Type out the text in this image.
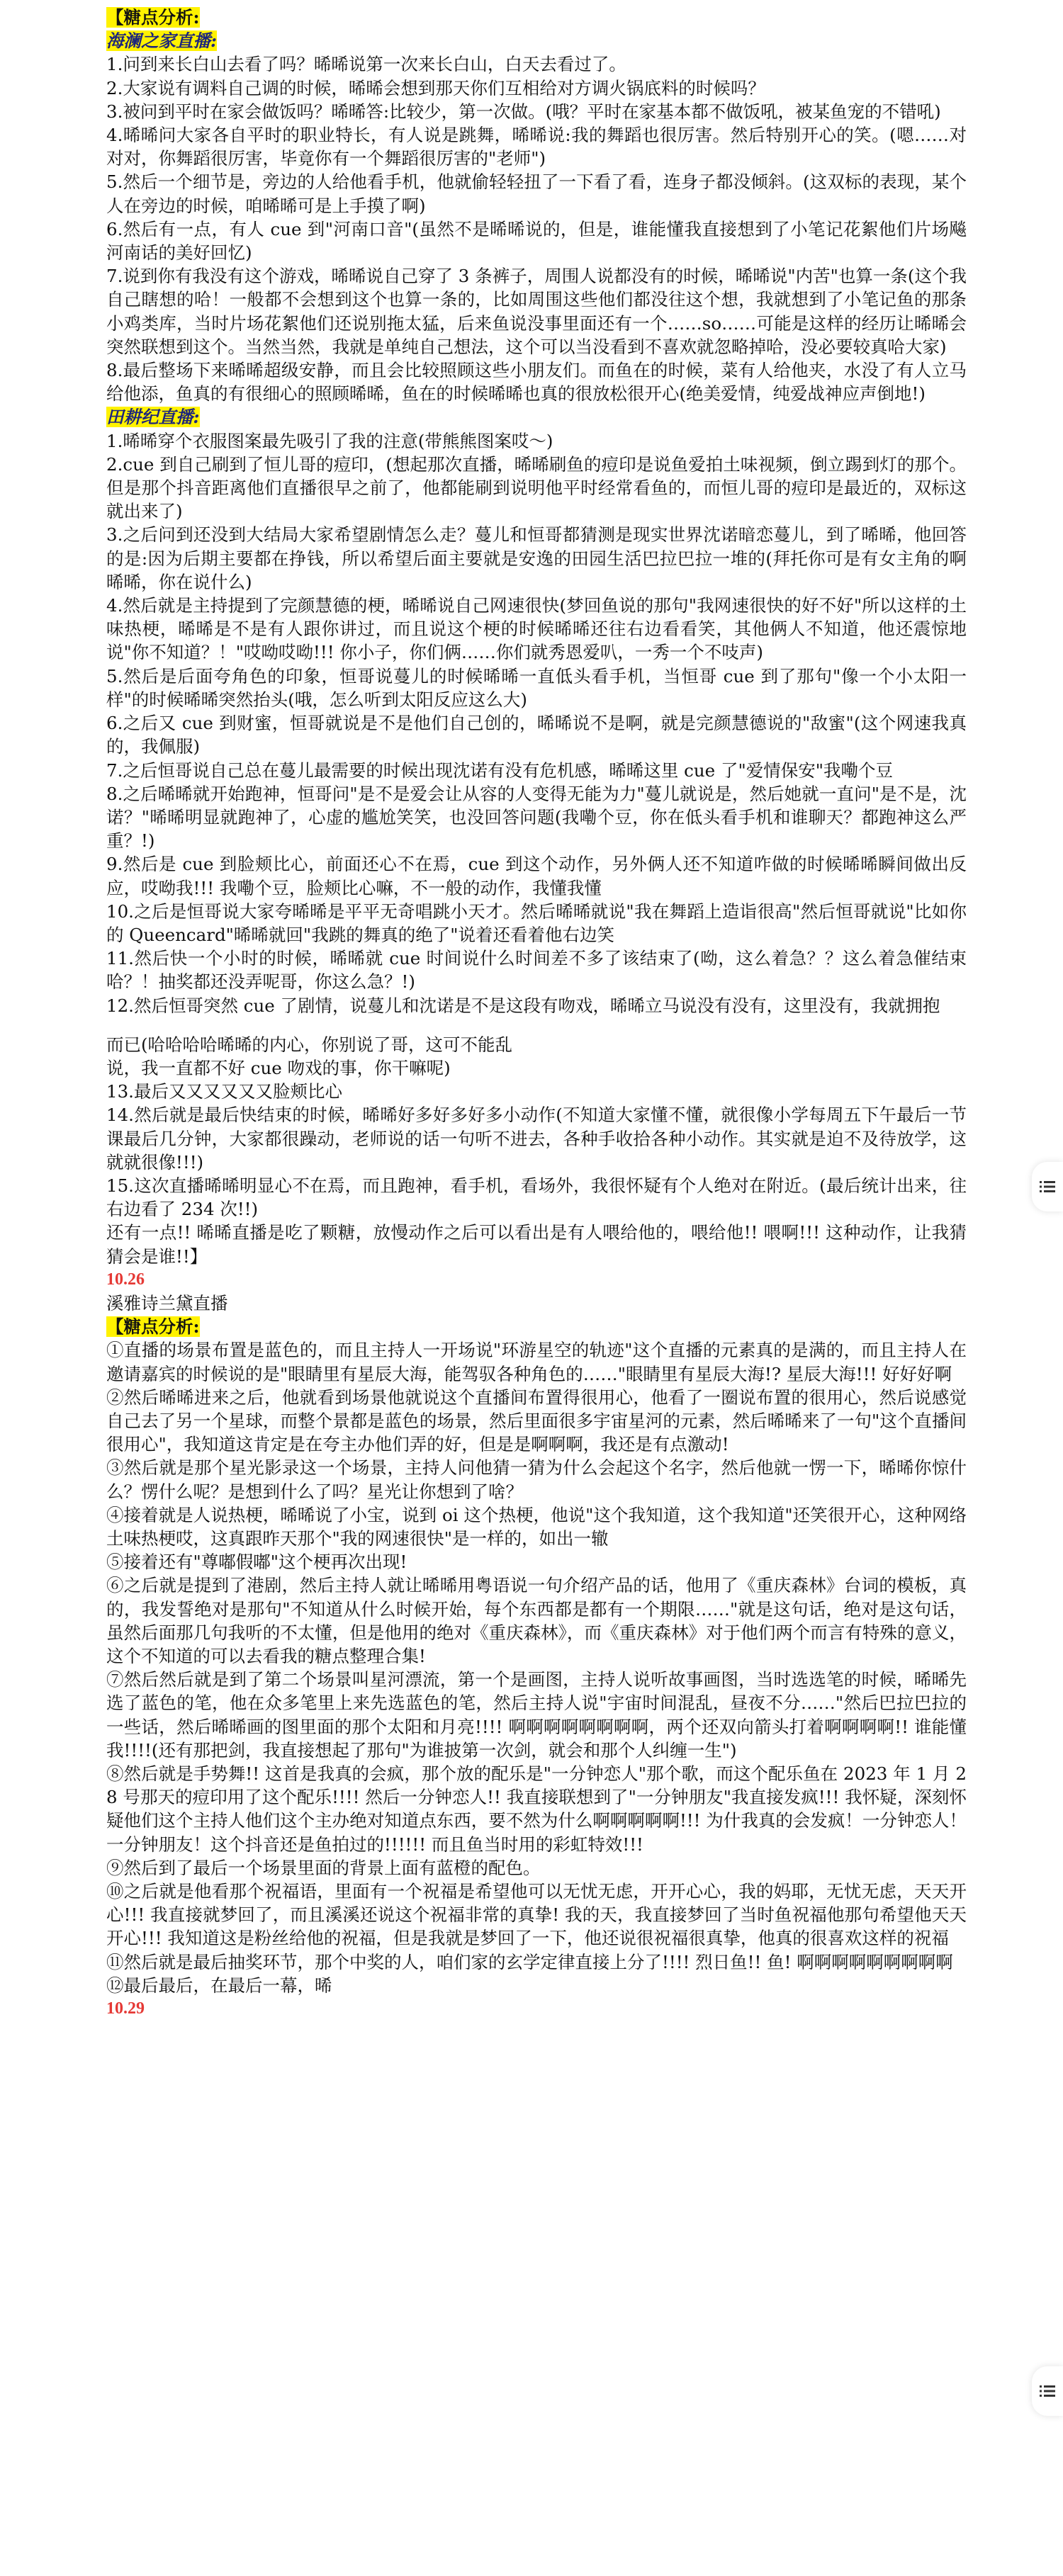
【糖点分析:

海澜之家直播:

1.问到来长白山去看了吗？晞晞说第一次来长白山，白天去看过了。

2.大家说有调料自己调的时候，晞晞会想到那天你们互相给对方调火锅底料的时候吗？

3.被问到平时在家会做饭吗？晞晞答:比较少，第一次做。(哦？平时在家基本都不做饭吼，被某鱼宠的不错吼)

4.晞晞问大家各自平时的职业特长，有人说是跳舞，晞晞说:我的舞蹈也很厉害。然后特别开心的笑。(嗯……对对对，你舞蹈很厉害，毕竟你有一个舞蹈很厉害的"老师")

5.然后一个细节是，旁边的人给他看手机，他就偷轻轻扭了一下看了看，连身子都没倾斜。(这双标的表现，某个人在旁边的时候，咱晞晞可是上手摸了啊)

6.然后有一点，有人 cue 到"河南口音"(虽然不是晞晞说的，但是，谁能懂我直接想到了小笔记花絮他们片场飚河南话的美好回忆)

7.说到你有我没有这个游戏，晞晞说自己穿了 3 条裤子，周围人说都没有的时候，晞晞说"内苦"也算一条(这个我自己瞎想的哈！一般都不会想到这个也算一条的，比如周围这些他们都没往这个想，我就想到了小笔记鱼的那条小鸡类库，当时片场花絮他们还说别拖太猛，后来鱼说没事里面还有一个……so……可能是这样的经历让晞晞会突然联想到这个。当然当然，我就是单纯自己想法，这个可以当没看到不喜欢就忽略掉哈，没必要较真哈大家)

8.最后整场下来晞晞超级安静，而且会比较照顾这些小朋友们。而鱼在的时候，菜有人给他夹，水没了有人立马给他添，鱼真的有很细心的照顾晞晞，鱼在的时候晞晞也真的很放松很开心(绝美爱情，纯爱战神应声倒地!)

田耕纪直播:

1.晞晞穿个衣服图案最先吸引了我的注意(带熊熊图案哎～)

2.cue 到自己刷到了恒儿哥的痘印，(想起那次直播，晞晞刷鱼的痘印是说鱼爱拍土味视频，倒立踢到灯的那个。但是那个抖音距离他们直播很早之前了，他都能刷到说明他平时经常看鱼的，而恒儿哥的痘印是最近的，双标这就出来了)

3.之后问到还没到大结局大家希望剧情怎么走？蔓儿和恒哥都猜测是现实世界沈诺暗恋蔓儿，到了晞晞，他回答的是:因为后期主要都在挣钱，所以希望后面主要就是安逸的田园生活巴拉巴拉一堆的(拜托你可是有女主角的啊晞晞，你在说什么)

4.然后就是主持提到了完颜慧德的梗，晞晞说自己网速很快(梦回鱼说的那句"我网速很快的好不好"所以这样的土味热梗，晞晞是不是有人跟你讲过，而且说这个梗的时候晞晞还往右边看看笑，其他俩人不知道，他还震惊地说"你不知道？！"哎呦哎呦!!! 你小子，你们俩……你们就秀恩爱叭，一秀一个不吱声)

5.然后是后面夸角色的印象，恒哥说蔓儿的时候晞晞一直低头看手机，当恒哥 cue 到了那句"像一个小太阳一样"的时候晞晞突然抬头(哦，怎么听到太阳反应这么大)

6.之后又 cue 到财蜜，恒哥就说是不是他们自己创的，晞晞说不是啊，就是完颜慧德说的"敌蜜"(这个网速我真的，我佩服)

7.之后恒哥说自己总在蔓儿最需要的时候出现沈诺有没有危机感，晞晞这里 cue 了"爱情保安"我嘞个豆

8.之后晞晞就开始跑神，恒哥问"是不是爱会让从容的人变得无能为力"蔓儿就说是，然后她就一直问"是不是，沈诺？"晞晞明显就跑神了，心虚的尴尬笑笑，也没回答问题(我嘞个豆，你在低头看手机和谁聊天？都跑神这么严重？!)

9.然后是 cue 到脸颊比心，前面还心不在焉，cue 到这个动作，另外俩人还不知道咋做的时候晞晞瞬间做出反应，哎呦我!!! 我嘞个豆，脸颊比心嘛，不一般的动作，我懂我懂

10.之后是恒哥说大家夸晞晞是平平无奇唱跳小天才。然后晞晞就说"我在舞蹈上造诣很高"然后恒哥就说"比如你的 Queencard"晞晞就回"我跳的舞真的绝了"说着还看着他右边笑

11.然后快一个小时的时候，晞晞就 cue 时间说什么时间差不多了该结束了(呦，这么着急？？这么着急催结束哈？！抽奖都还没弄呢哥，你这么急？!)

12.然后恒哥突然 cue 了剧情，说蔓儿和沈诺是不是这段有吻戏，晞晞立马说没有没有，这里没有，我就拥抱

而已(哈哈哈哈晞晞的内心，你别说了哥，这可不能乱

说，我一直都不好 cue 吻戏的事，你干嘛呢)

13.最后又又又又又又脸颊比心

14.然后就是最后快结束的时候，晞晞好多好多好多小动作(不知道大家懂不懂，就很像小学每周五下午最后一节课最后几分钟，大家都很躁动，老师说的话一句听不进去，各种手收拾各种小动作。其实就是迫不及待放学，这就就很像!!!)

15.这次直播晞晞明显心不在焉，而且跑神，看手机，看场外，我很怀疑有个人绝对在附近。(最后统计出来，往右边看了 234 次!!)

还有一点!! 晞晞直播是吃了颗糖，放慢动作之后可以看出是有人喂给他的，喂给他!! 喂啊!!! 这种动作，让我猜猜会是谁!!】

10.26

溪雅诗兰黛直播

【糖点分析:

①直播的场景布置是蓝色的，而且主持人一开场说"环游星空的轨迹"这个直播的元素真的是满的，而且主持人在邀请嘉宾的时候说的是"眼睛里有星辰大海，能驾驭各种角色的……"眼睛里有星辰大海!? 星辰大海!!! 好好好啊

②然后晞晞进来之后，他就看到场景他就说这个直播间布置得很用心，他看了一圈说布置的很用心，然后说感觉自己去了另一个星球，而整个景都是蓝色的场景，然后里面很多宇宙星河的元素，然后晞晞来了一句"这个直播间很用心"，我知道这肯定是在夸主办他们弄的好，但是是啊啊啊，我还是有点激动!

③然后就是那个星光影录这一个场景，主持人问他猜一猜为什么会起这个名字，然后他就一愣一下，晞晞你惊什么？愣什么呢？是想到什么了吗？星光让你想到了啥？

④接着就是人说热梗，晞晞说了小宝，说到 oi 这个热梗，他说"这个我知道，这个我知道"还笑很开心，这种网络土味热梗哎，这真跟昨天那个"我的网速很快"是一样的，如出一辙

⑤接着还有"尊嘟假嘟"这个梗再次出现!

⑥之后就是提到了港剧，然后主持人就让晞晞用粤语说一句介绍产品的话，他用了《重庆森林》台词的模板，真的，我发誓绝对是那句"不知道从什么时候开始，每个东西都是都有一个期限……"就是这句话，绝对是这句话，虽然后面那几句我听的不太懂，但是他用的绝对《重庆森林》，而《重庆森林》对于他们两个而言有特殊的意义，这个不知道的可以去看我的糖点整理合集!

⑦然后然后就是到了第二个场景叫星河漂流，第一个是画图，主持人说听故事画图，当时选选笔的时候，晞晞先选了蓝色的笔，他在众多笔里上来先选蓝色的笔，然后主持人说"宇宙时间混乱，昼夜不分……"然后巴拉巴拉的一些话，然后晞晞画的图里面的那个太阳和月亮!!!! 啊啊啊啊啊啊啊啊，两个还双向箭头打着啊啊啊啊!! 谁能懂我!!!!(还有那把剑，我直接想起了那句"为谁披第一次剑，就会和那个人纠缠一生")

⑧然后就是手势舞!! 这首是我真的会疯，那个放的配乐是"一分钟恋人"那个歌，而这个配乐鱼在 2023 年 1 月 28 号那天的痘印用了这个配乐!!!! 然后一分钟恋人!! 我直接联想到了"一分钟朋友"我直接发疯!!! 我怀疑，深刻怀疑他们这个主持人他们这个主办绝对知道点东西，要不然为什么啊啊啊啊啊!!! 为什我真的会发疯！一分钟恋人！一分钟朋友！这个抖音还是鱼拍过的!!!!!! 而且鱼当时用的彩虹特效!!!

⑨然后到了最后一个场景里面的背景上面有蓝橙的配色。

⑩之后就是他看那个祝福语，里面有一个祝福是希望他可以无忧无虑，开开心心，我的妈耶，无忧无虑，天天开心!!! 我直接就梦回了，而且溪溪还说这个祝福非常的真挚! 我的天，我直接梦回了当时鱼祝福他那句希望他天天开心!!! 我知道这是粉丝给他的祝福，但是我就是梦回了一下，他还说很祝福很真挚，他真的很喜欢这样的祝福

⑪然后就是最后抽奖环节，那个中奖的人，咱们家的玄学定律直接上分了!!!! 烈日鱼!! 鱼! 啊啊啊啊啊啊啊啊啊

⑫最后最后，在最后一幕，晞

10.29
